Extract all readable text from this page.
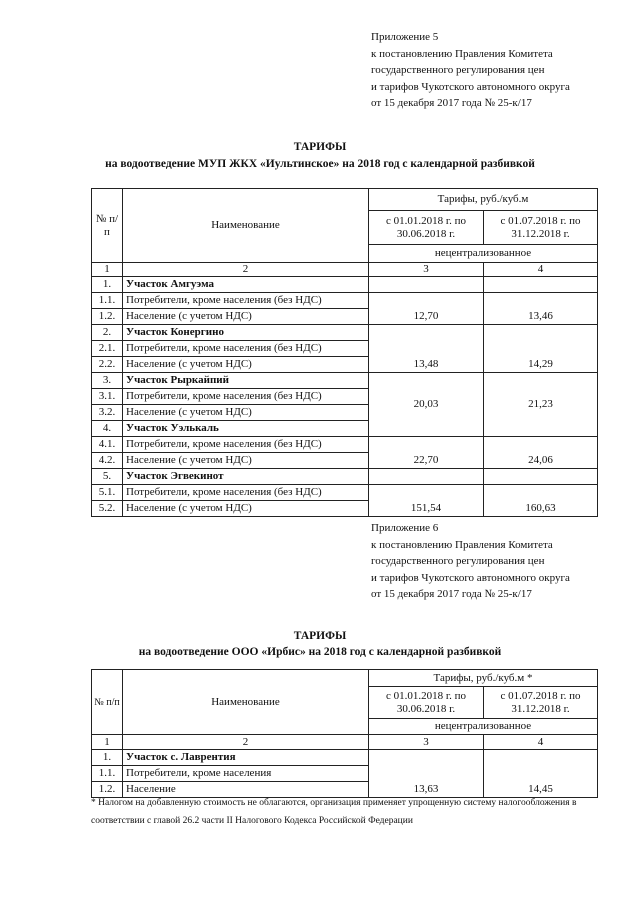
Приложение 5
к постановлению Правления Комитета
государственного регулирования цен
и тарифов Чукотского автономного округа
от 15 декабря 2017 года № 25-к/17
ТАРИФЫ
на водоотведение МУП ЖКХ «Иультинское» на 2018 год с календарной разбивкой
№ п/п	Наименование	Тарифы, руб./куб.м	
		с 01.01.2018 г. по 30.06.2018 г.	с 01.07.2018 г. по 31.12.2018 г.
		нецентрализованное	
1	2	3	4
1.	Участок Амгуэма		
1.1.	Потребители, кроме населения (без НДС)		
1.2.	Население (с учетом НДС)	12,70	13,46
2.	Участок Конергино		
2.1.	Потребители, кроме населения (без НДС)		
2.2.	Население (с учетом НДС)	13,48	14,29
3.	Участок Рыркайпий		
3.1.	Потребители, кроме населения (без НДС)	20,03	21,23
3.2.	Население (с учетом НДС)		
4.	Участок Уэлькаль		
4.1.	Потребители, кроме населения (без НДС)		
4.2.	Население (с учетом НДС)	22,70	24,06
5.	Участок Эгвекинот		
5.1.	Потребители, кроме населения (без НДС)		
5.2.	Население (с учетом НДС)	151,54	160,63
Приложение 6
к постановлению Правления Комитета
государственного регулирования цен
и тарифов Чукотского автономного округа
от 15 декабря 2017 года № 25-к/17
ТАРИФЫ
на водоотведение ООО «Ирбис» на 2018 год с календарной разбивкой
№ п/п	Наименование	Тарифы, руб./куб.м *	
		с 01.01.2018 г. по 30.06.2018 г.	с 01.07.2018 г. по 31.12.2018 г.
		нецентрализованное	
1	2	3	4
1.	Участок с. Лаврентия		
1.1.	Потребители, кроме населения		
1.2.	Население	13,63	14,45
* Налогом на добавленную стоимость не облагаются, организация применяет упрощенную систему налогообложения в соответствии с главой 26.2 части II Налогового Кодекса Российской Федерации
